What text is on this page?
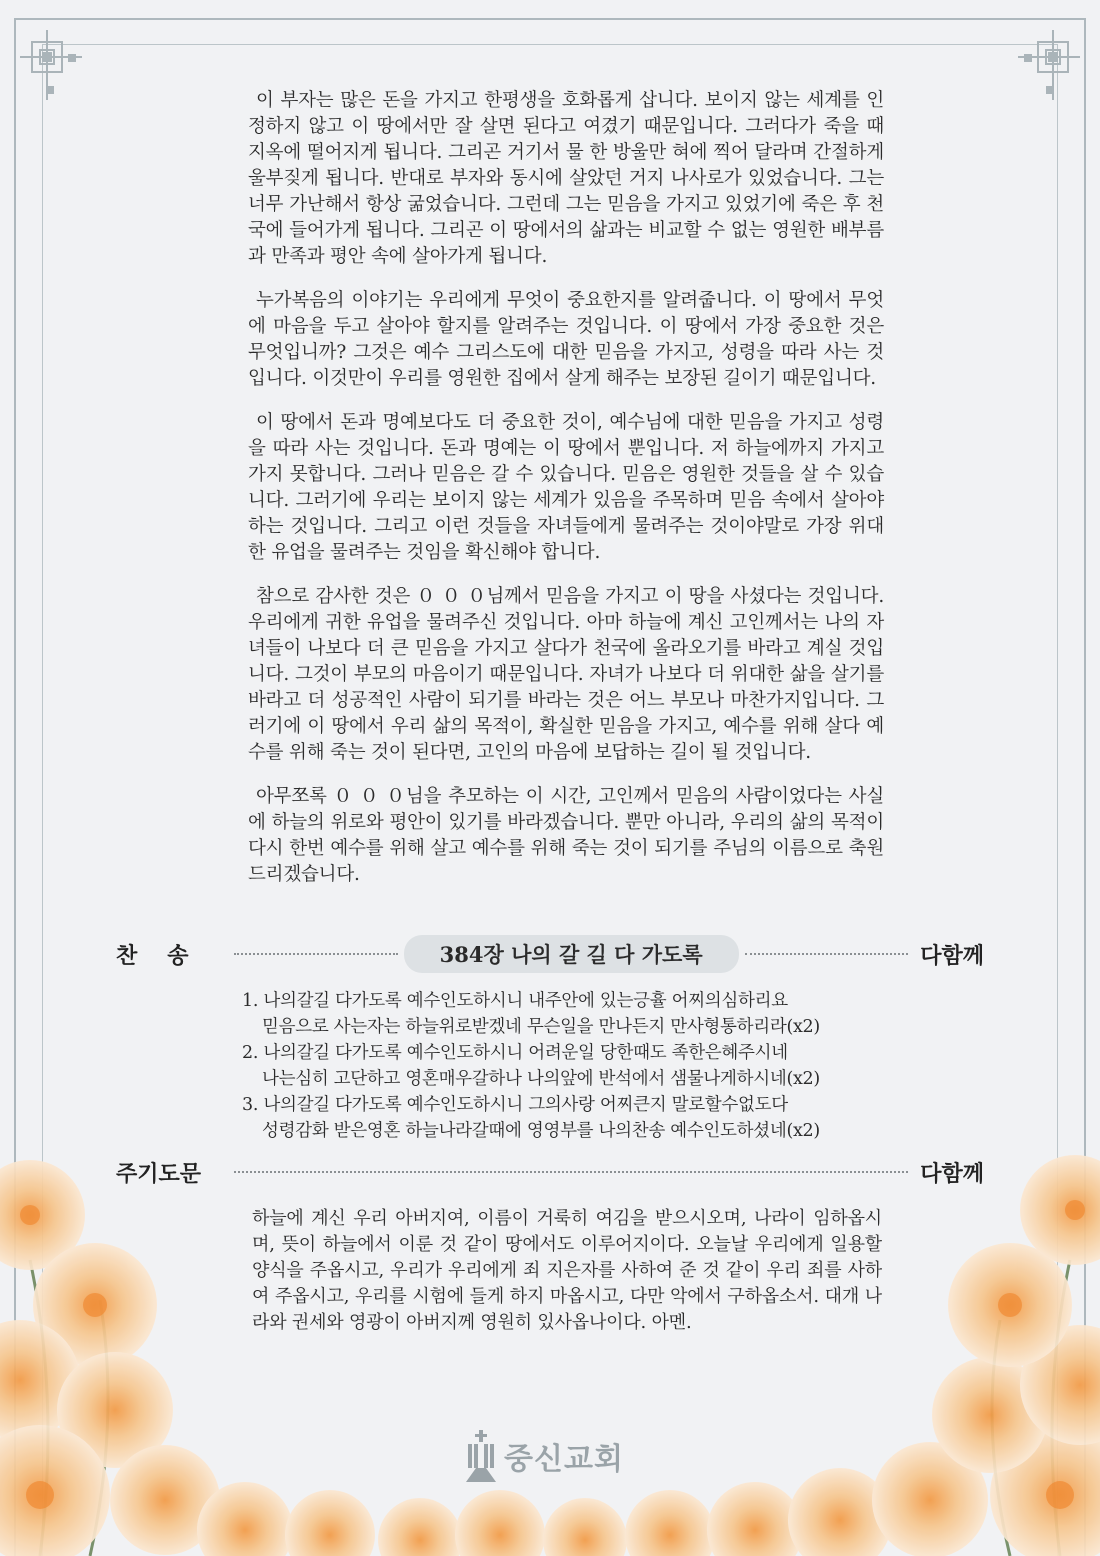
이 부자는 많은 돈을 가지고 한평생을 호화롭게 삽니다. 보이지 않는 세계를 인정하지 않고 이 땅에서만 잘 살면 된다고 여겼기 때문입니다. 그러다가 죽을 때 지옥에 떨어지게 됩니다. 그리곤 거기서 물 한 방울만 혀에 찍어 달라며 간절하게 울부짖게 됩니다. 반대로 부자와 동시에 살았던 거지 나사로가 있었습니다. 그는 너무 가난해서 항상 굶었습니다. 그런데 그는 믿음을 가지고 있었기에 죽은 후 천국에 들어가게 됩니다. 그리곤 이 땅에서의 삶과는 비교할 수 없는 영원한 배부름과 만족과 평안 속에 살아가게 됩니다.

누가복음의 이야기는 우리에게 무엇이 중요한지를 알려줍니다. 이 땅에서 무엇에 마음을 두고 살아야 할지를 알려주는 것입니다. 이 땅에서 가장 중요한 것은 무엇입니까? 그것은 예수 그리스도에 대한 믿음을 가지고, 성령을 따라 사는 것입니다. 이것만이 우리를 영원한 집에서 살게 해주는 보장된 길이기 때문입니다.

이 땅에서 돈과 명예보다도 더 중요한 것이, 예수님에 대한 믿음을 가지고 성령을 따라 사는 것입니다. 돈과 명예는 이 땅에서 뿐입니다. 저 하늘에까지 가지고 가지 못합니다. 그러나 믿음은 갈 수 있습니다. 믿음은 영원한 것들을 살 수 있습니다. 그러기에 우리는 보이지 않는 세계가 있음을 주목하며 믿음 속에서 살아야 하는 것입니다. 그리고 이런 것들을 자녀들에게 물려주는 것이야말로 가장 위대한 유업을 물려주는 것임을 확신해야 합니다.

참으로 감사한 것은 ０ ０ ０님께서 믿음을 가지고 이 땅을 사셨다는 것입니다. 우리에게 귀한 유업을 물려주신 것입니다. 아마 하늘에 계신 고인께서는 나의 자녀들이 나보다 더 큰 믿음을 가지고 살다가 천국에 올라오기를 바라고 계실 것입니다. 그것이 부모의 마음이기 때문입니다. 자녀가 나보다 더 위대한 삶을 살기를 바라고 더 성공적인 사람이 되기를 바라는 것은 어느 부모나 마찬가지입니다. 그러기에 이 땅에서 우리 삶의 목적이, 확실한 믿음을 가지고, 예수를 위해 살다 예수를 위해 죽는 것이 된다면, 고인의 마음에 보답하는 길이 될 것입니다.

아무쪼록 ０ ０ ０님을 추모하는 이 시간, 고인께서 믿음의 사람이었다는 사실에 하늘의 위로와 평안이 있기를 바라겠습니다. 뿐만 아니라, 우리의 삶의 목적이 다시 한번 예수를 위해 살고 예수를 위해 죽는 것이 되기를 주님의 이름으로 축원드리겠습니다.

찬송	384장 나의 갈 길 다 가도록	다함께

1. 나의갈길 다가도록 예수인도하시니 내주안에 있는긍휼 어찌의심하리요
믿음으로 사는자는 하늘위로받겠네 무슨일을 만나든지 만사형통하리라(x2)

2. 나의갈길 다가도록 예수인도하시니 어려운일 당한때도 족한은혜주시네
나는심히 고단하고 영혼매우갈하나 나의앞에 반석에서 샘물나게하시네(x2)

3. 나의갈길 다가도록 예수인도하시니 그의사랑 어찌큰지 말로할수없도다
성령감화 받은영혼 하늘나라갈때에 영영부를 나의찬송 예수인도하셨네(x2)

주기도문	다함께
하늘에 계신 우리 아버지여, 이름이 거룩히 여김을 받으시오며, 나라이 임하옵시며, 뜻이 하늘에서 이룬 것 같이 땅에서도 이루어지이다. 오늘날 우리에게 일용할 양식을 주옵시고, 우리가 우리에게 죄 지은자를 사하여 준 것 같이 우리 죄를 사하여 주옵시고, 우리를 시험에 들게 하지 마옵시고, 다만 악에서 구하옵소서. 대개 나라와 권세와 영광이 아버지께 영원히 있사옵나이다. 아멘.
중신교회
